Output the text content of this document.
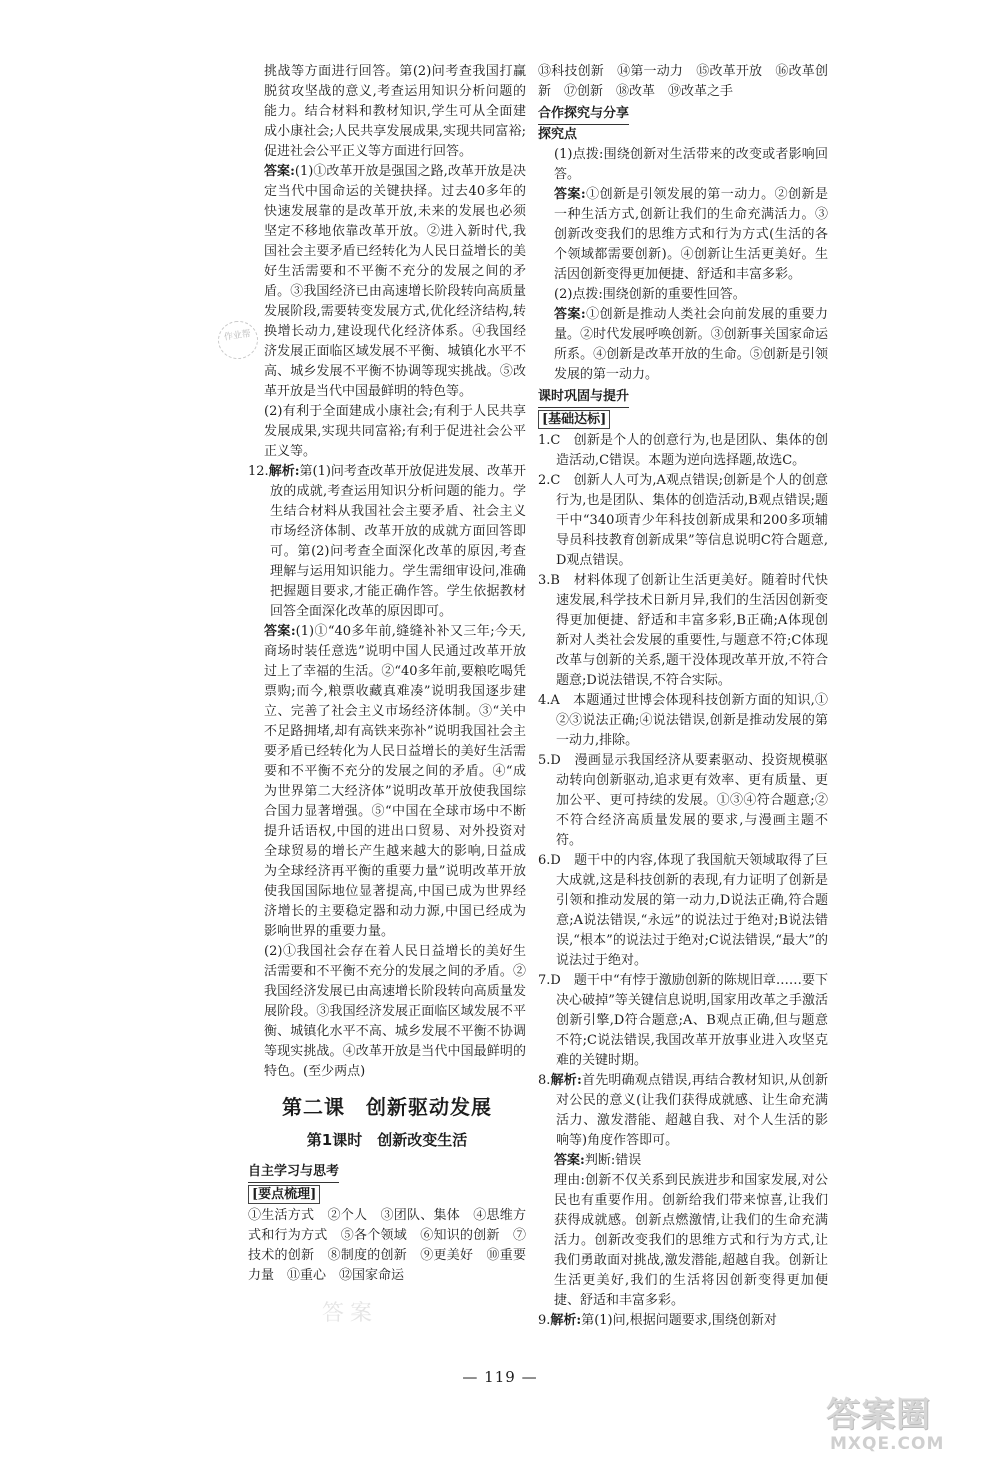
挑战等方面进行回答。第(2)问考查我国打赢脱贫攻坚战的意义,考查运用知识分析问题的能力。结合材料和教材知识,学生可从全面建成小康社会;人民共享发展成果,实现共同富裕;促进社会公平正义等方面进行回答。

答案:(1)①改革开放是强国之路,改革开放是决定当代中国命运的关键抉择。过去40多年的快速发展靠的是改革开放,未来的发展也必须坚定不移地依靠改革开放。②进入新时代,我国社会主要矛盾已经转化为人民日益增长的美好生活需要和不平衡不充分的发展之间的矛盾。③我国经济已由高速增长阶段转向高质量发展阶段,需要转变发展方式,优化经济结构,转换增长动力,建设现代化经济体系。④我国经济发展正面临区域发展不平衡、城镇化水平不高、城乡发展不平衡不协调等现实挑战。⑤改革开放是当代中国最鲜明的特色等。

(2)有利于全面建成小康社会;有利于人民共享发展成果,实现共同富裕;有利于促进社会公平正义等。

12.解析:第(1)问考查改革开放促进发展、改革开放的成就,考查运用知识分析问题的能力。学生结合材料从我国社会主要矛盾、社会主义市场经济体制、改革开放的成就方面回答即可。第(2)问考查全面深化改革的原因,考查理解与运用知识能力。学生需细审设问,准确把握题目要求,才能正确作答。学生依据教材回答全面深化改革的原因即可。

答案:(1)①“40多年前,缝缝补补又三年;今天,商场时装任意选”说明中国人民通过改革开放过上了幸福的生活。②“40多年前,要粮吃喝凭票购;而今,粮票收藏真难凑”说明我国逐步建立、完善了社会主义市场经济体制。③“关中不足路拥堵,却有高铁来弥补”说明我国社会主要矛盾已经转化为人民日益增长的美好生活需要和不平衡不充分的发展之间的矛盾。④“成为世界第二大经济体”说明改革开放使我国综合国力显著增强。⑤“中国在全球市场中不断提升话语权,中国的进出口贸易、对外投资对全球贸易的增长产生越来越大的影响,日益成为全球经济再平衡的重要力量”说明改革开放使我国国际地位显著提高,中国已成为世界经济增长的主要稳定器和动力源,中国已经成为影响世界的重要力量。

(2)①我国社会存在着人民日益增长的美好生活需要和不平衡不充分的发展之间的矛盾。②我国经济发展已由高速增长阶段转向高质量发展阶段。③我国经济发展正面临区域发展不平衡、城镇化水平不高、城乡发展不平衡不协调等现实挑战。④改革开放是当代中国最鲜明的特色。(至少两点)

第二课　创新驱动发展
第1课时　创新改变生活
自主学习与思考
[要点梳理]

①生活方式　②个人　③团队、集体　④思维方式和行为方式　⑤各个领域　⑥知识的创新　⑦技术的创新　⑧制度的创新　⑨更美好　⑩重要力量　⑪重心　⑫国家命运

⑬科技创新　⑭第一动力　⑮改革开放　⑯改革创新　⑰创新　⑱改革　⑲改革之手

合作探究与分享
探究点

(1)点拨:围绕创新对生活带来的改变或者影响回答。

答案:①创新是引领发展的第一动力。②创新是一种生活方式,创新让我们的生命充满活力。③创新改变我们的思维方式和行为方式(生活的各个领域都需要创新)。④创新让生活更美好。生活因创新变得更加便捷、舒适和丰富多彩。

(2)点拨:围绕创新的重要性回答。

答案:①创新是推动人类社会向前发展的重要力量。②时代发展呼唤创新。③创新事关国家命运所系。④创新是改革开放的生命。⑤创新是引领发展的第一动力。

课时巩固与提升
[基础达标]

1.C　创新是个人的创意行为,也是团队、集体的创造活动,C错误。本题为逆向选择题,故选C。

2.C　创新人人可为,A观点错误;创新是个人的创意行为,也是团队、集体的创造活动,B观点错误;题干中“340项青少年科技创新成果和200多项辅导员科技教育创新成果”等信息说明C符合题意,D观点错误。

3.B　材料体现了创新让生活更美好。随着时代快速发展,科学技术日新月异,我们的生活因创新变得更加便捷、舒适和丰富多彩,B正确;A体现创新对人类社会发展的重要性,与题意不符;C体现改革与创新的关系,题干没体现改革开放,不符合题意;D说法错误,不符合实际。

4.A　本题通过世博会体现科技创新方面的知识,①②③说法正确;④说法错误,创新是推动发展的第一动力,排除。

5.D　漫画显示我国经济从要素驱动、投资规模驱动转向创新驱动,追求更有效率、更有质量、更加公平、更可持续的发展。①③④符合题意;②不符合经济高质量发展的要求,与漫画主题不符。

6.D　题干中的内容,体现了我国航天领域取得了巨大成就,这是科技创新的表现,有力证明了创新是引领和推动发展的第一动力,D说法正确,符合题意;A说法错误,“永远”的说法过于绝对;B说法错误,“根本”的说法过于绝对;C说法错误,“最大”的说法过于绝对。

7.D　题干中“有悖于激励创新的陈规旧章……要下决心破掉”等关键信息说明,国家用改革之手激活创新引擎,D符合题意;A、B观点正确,但与题意不符;C说法错误,我国改革开放事业进入攻坚克难的关键时期。

8.解析:首先明确观点错误,再结合教材知识,从创新对公民的意义(让我们获得成就感、让生命充满活力、激发潜能、超越自我、对个人生活的影响等)角度作答即可。

答案:判断:错误

理由:创新不仅关系到民族进步和国家发展,对公民也有重要作用。创新给我们带来惊喜,让我们获得成就感。创新点燃激情,让我们的生命充满活力。创新改变我们的思维方式和行为方式,让我们勇敢面对挑战,激发潜能,超越自我。创新让生活更美好,我们的生活将因创新变得更加便捷、舒适和丰富多彩。

9.解析:第(1)问,根据问题要求,围绕创新对

作业帮
答案
— 119 —
答案圈
MXQE.COM
